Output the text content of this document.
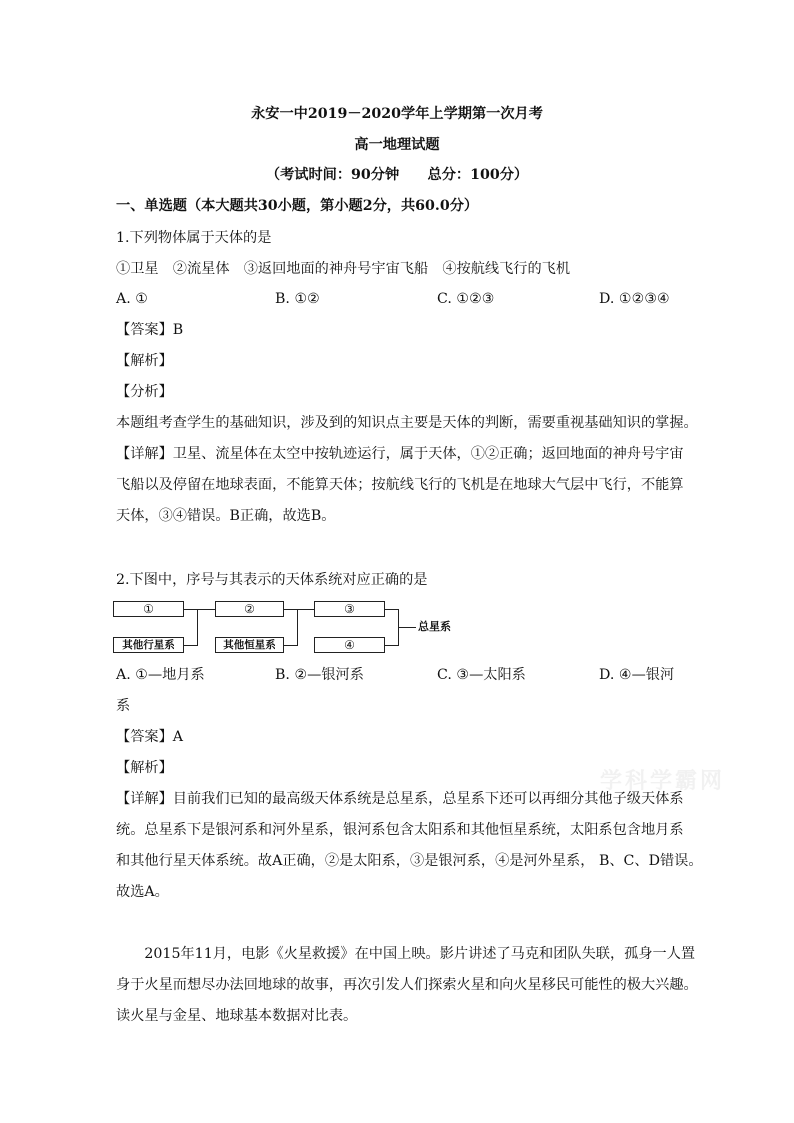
永安一中2019－2020学年上学期第一次月考
高一地理试题
（考试时间：90分钟　　总分：100分）
一、单选题（本大题共30小题，第小题2分，共60.0分）
1.下列物体属于天体的是
①卫星　②流星体　③返回地面的神舟号宇宙飞船　④按航线飞行的飞机
A. ①	B. ①②	C. ①②③	D. ①②③④
【答案】B
【解析】
【分析】
本题组考查学生的基础知识，涉及到的知识点主要是天体的判断，需要重视基础知识的掌握。
【详解】卫星、流星体在太空中按轨迹运行，属于天体，①②正确；返回地面的神舟号宇宙
飞船以及停留在地球表面，不能算天体；按航线飞行的飞机是在地球大气层中飞行，不能算
天体，③④错误。B正确，故选B。
2.下图中，序号与其表示的天体系统对应正确的是
①	②	③
其他行星系	其他恒星系	④
总星系
A. ①—地月系	B. ②—银河系	C. ③—太阳系	D. ④—银河
系
【答案】A
【解析】
【详解】目前我们已知的最高级天体系统是总星系，总星系下还可以再细分其他子级天体系
统。总星系下是银河系和河外星系，银河系包含太阳系和其他恒星系统，太阳系包含地月系
和其他行星天体系统。故A正确，②是太阳系，③是银河系，④是河外星系， B、C、D错误。
故选A。
　　2015年11月，电影《火星救援》在中国上映。影片讲述了马克和团队失联，孤身一人置
身于火星而想尽办法回地球的故事，再次引发人们探索火星和向火星移民可能性的极大兴趣。
读火星与金星、地球基本数据对比表。
学科学霸网
